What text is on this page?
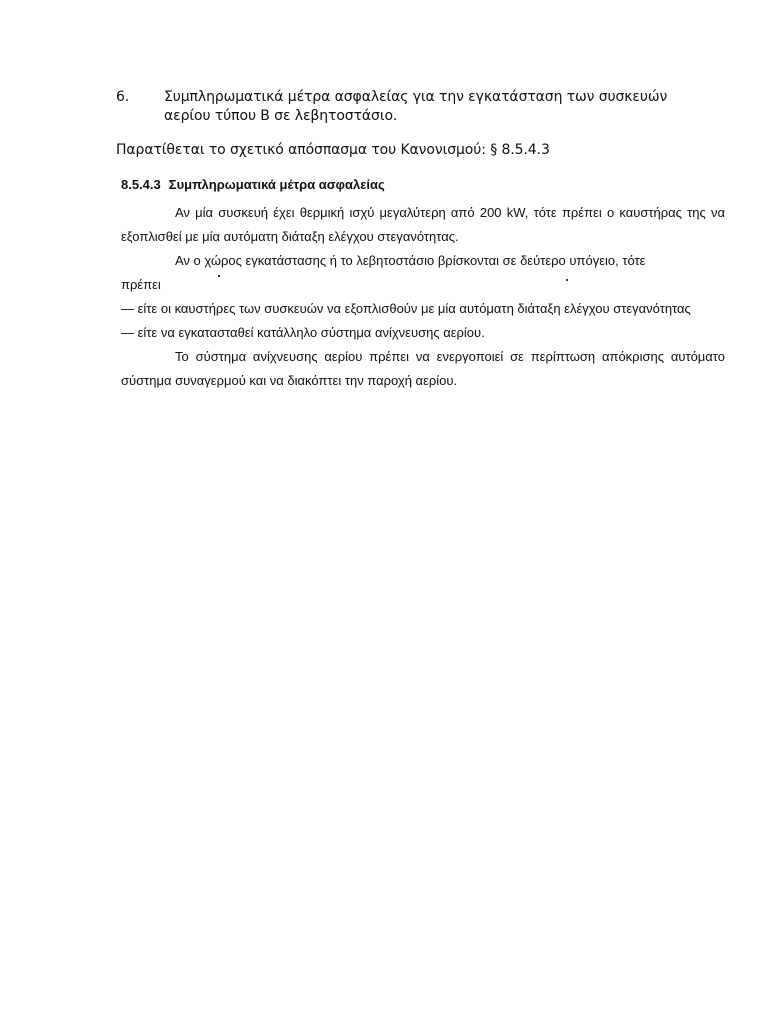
6. Συμπληρωματικά μέτρα ασφαλείας για την εγκατάσταση των συσκευών
αερίου τύπου Β σε λεβητοστάσιο.
Παρατίθεται το σχετικό απόσπασμα του Κανονισμού: § 8.5.4.3
8.5.4.3 Συμπληρωματικά μέτρα ασφαλείας

Αν μία συσκευή έχει θερμική ισχύ μεγαλύτερη από 200 kW, τότε πρέπει ο καυστήρας της να εξοπλισθεί με μία αυτόματη διάταξη ελέγχου στεγανότητας.

Αν ο χώρος εγκατάστασης ή το λεβητοστάσιο βρίσκονται σε δεύτερο υπόγειο, τότε

πρέπει

— είτε οι καυστήρες των συσκευών να εξοπλισθούν με μία αυτόματη διάταξη ελέγχου στεγανότητας

— είτε να εγκατασταθεί κατάλληλο σύστημα ανίχνευσης αερίου.

Το σύστημα ανίχνευσης αερίου πρέπει να ενεργοποιεί σε περίπτωση απόκρισης αυτόματο σύστημα συναγερμού και να διακόπτει την παροχή αερίου.
